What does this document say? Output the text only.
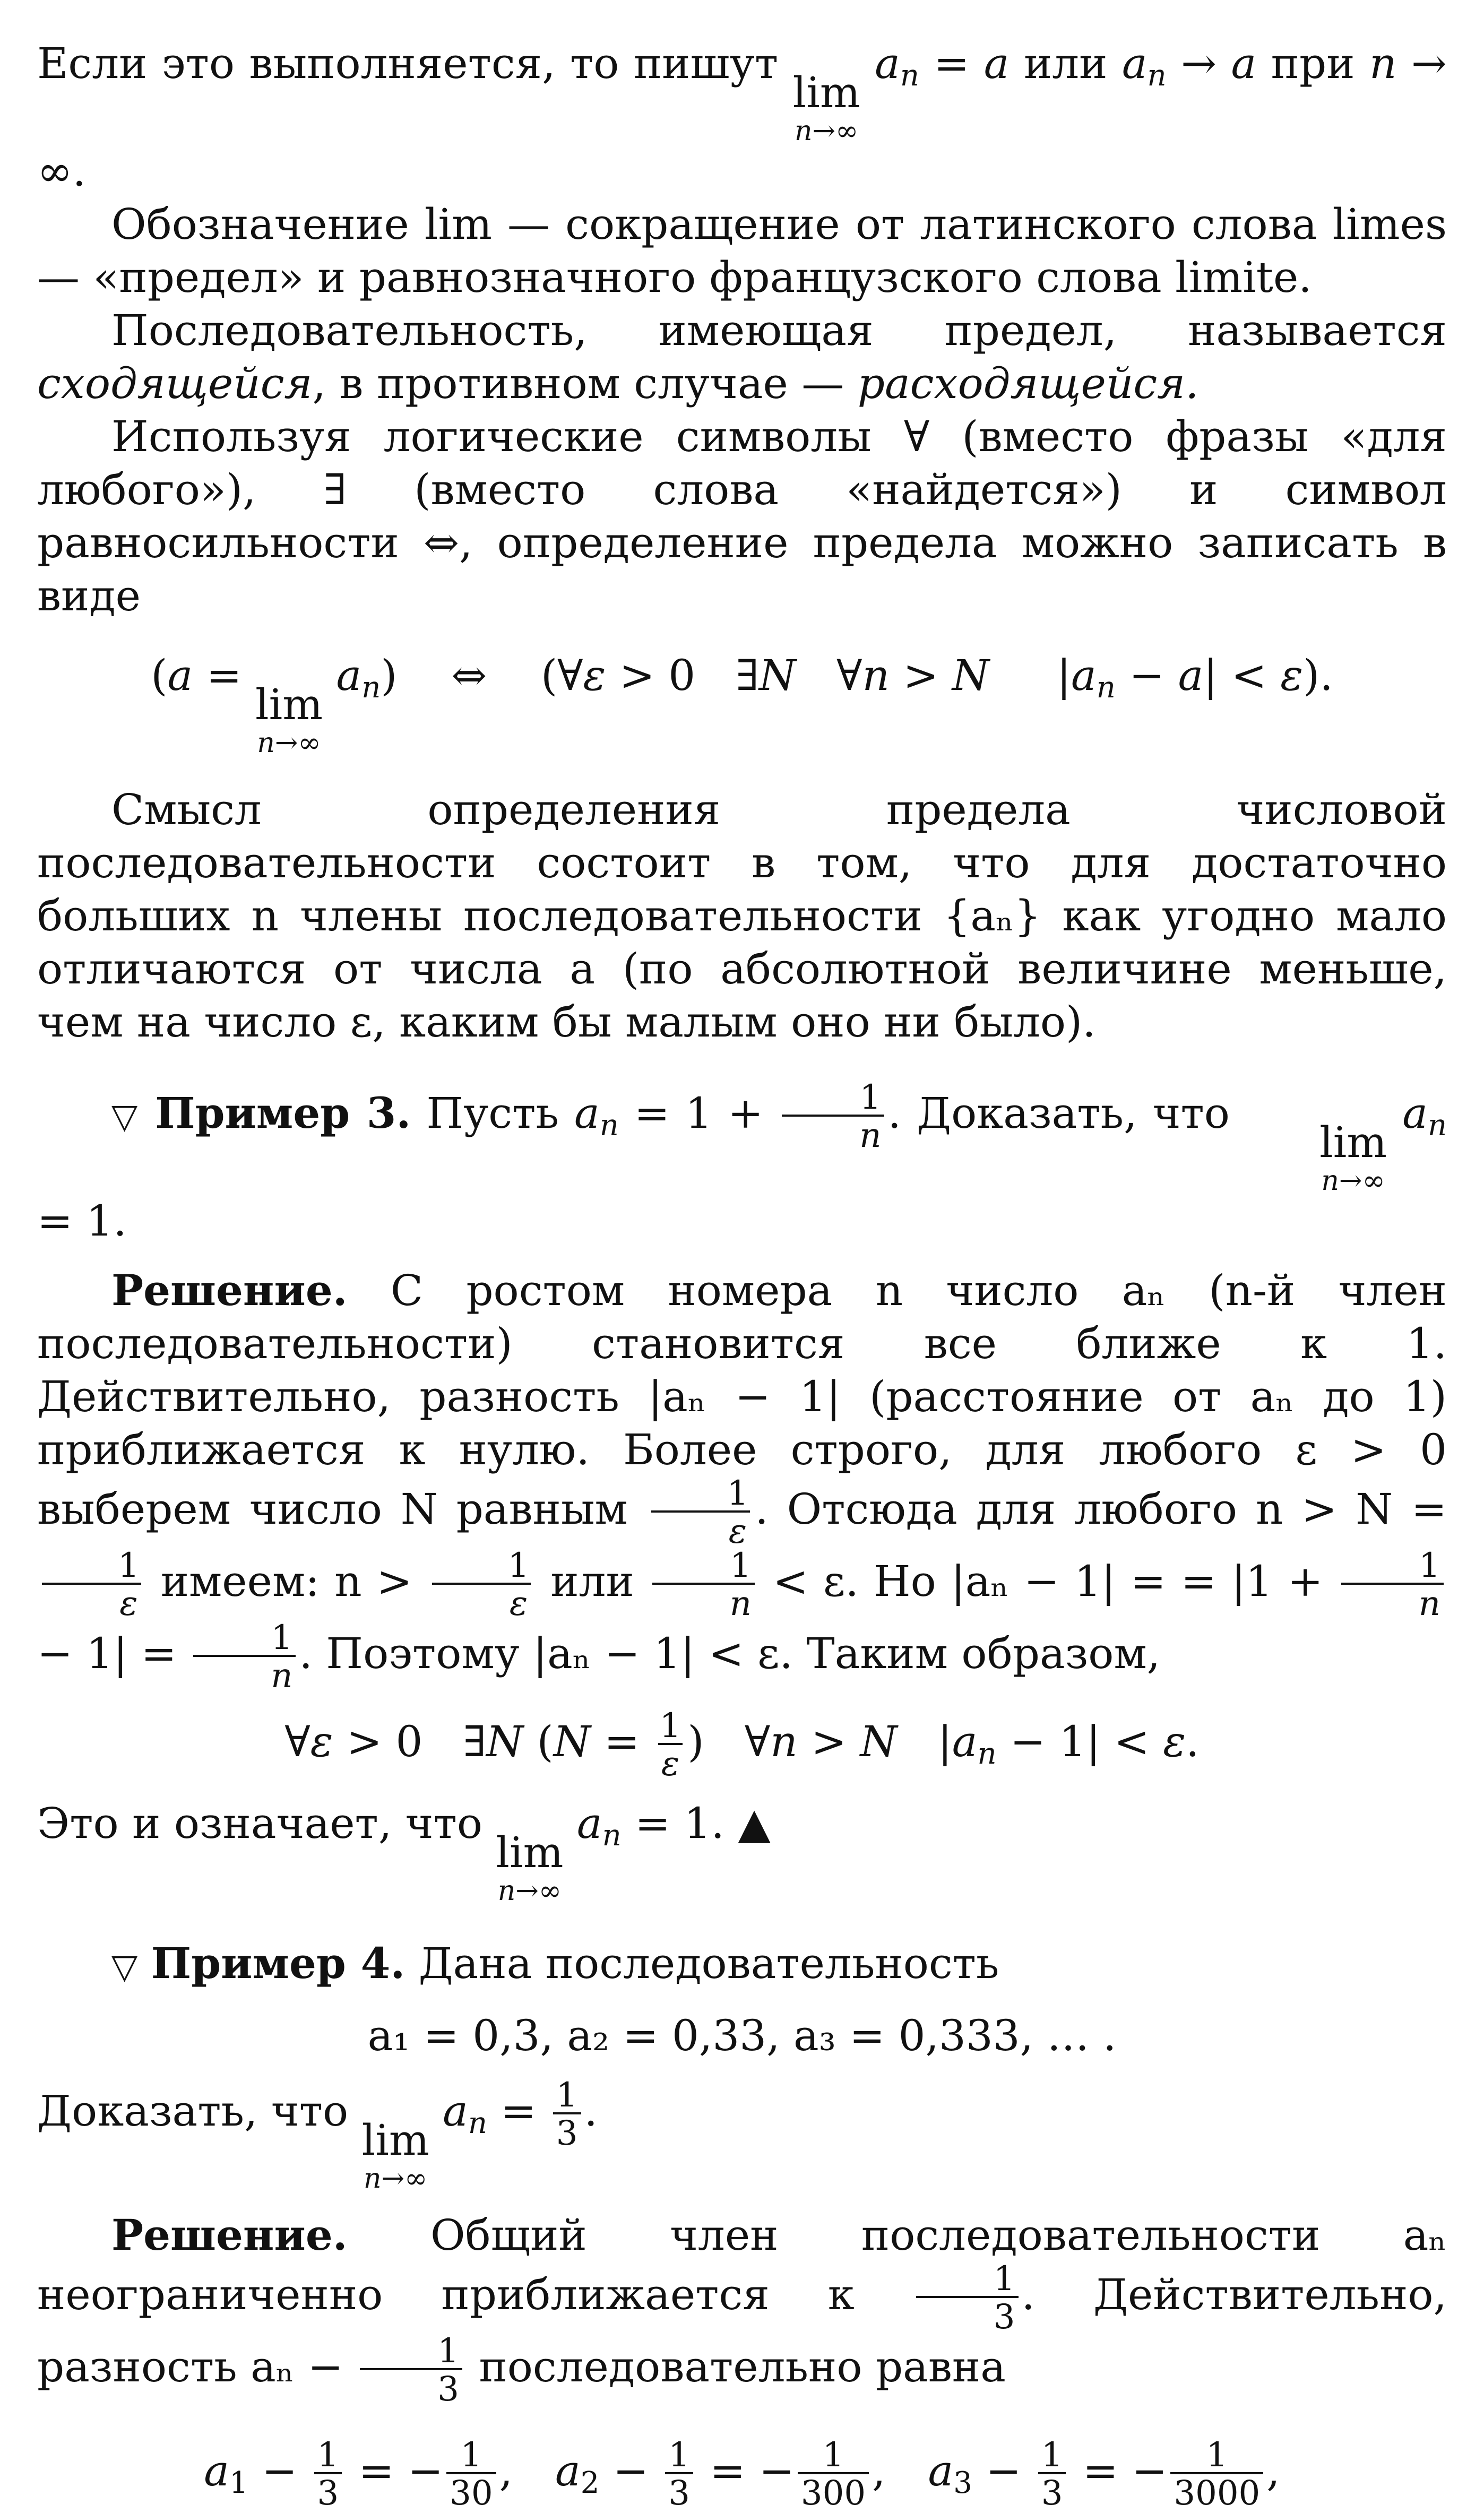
Если это выполняется, то пишут
lim
n→∞
$a_n = a$ или $a_n \to a$ при n → ∞.

Обозначение lim — сокращение от латинского слова limes — «предел» и равнозначного французского слова limite.

Последовательность, имеющая предел, называется сходящейся, в противном случае — расходящейся.

Используя логические символы ∀ (вместо фразы «для любого»), ∃ (вместо слова «найдется») и символ равносильности ⇔, определение предела можно записать в виде

(a =
lim
n→∞
$a_n$)    ⇔    (∀ε > 0   ∃N   ∀n > N     $|a_n - a| < \varepsilon$).

Смысл определения предела числовой последовательности состоит в том, что для достаточно больших n члены последовательности {aₙ} как угодно мало отличаются от числа a (по абсолютной величине меньше, чем на число ε, каким бы малым оно ни было).

▽ Пример 3. Пусть $a_n = 1 + \frac{1}{n}$ . Доказать, что
lim
n→∞
$a_n = 1$.

Решение. С ростом номера n число aₙ (n-й член последовательности) становится все ближе к 1. Действительно, разность |aₙ − 1| (расстояние от aₙ до 1) приближается к нулю. Более строго, для любого ε > 0 выберем число N равным $\frac{1}{\varepsilon}$ . Отсюда для любого n > N =
$\frac{1}{\varepsilon}$ имеем: $n > \frac{1}{\varepsilon}$ или $\frac{1}{n} < \varepsilon$. Но |aₙ − 1| = = $|1 + \frac{1}{n}$
− $1| = \frac{1}{n}$ . Поэтому |aₙ − 1| < ε. Таким образом,

∀ε > 0   ∃N ($N = \frac{1}{\varepsilon}$ )   ∀n > N   $|a_n - 1| < \varepsilon$.

Это и означает, что
lim
n→∞
$a_n = 1$. ▲

▽ Пример 4. Дана последовательность

a₁ = 0,3, a₂ = 0,33, a₃ = 0,333, … .

Доказать, что
lim
n→∞
$a_n = \frac{1}{3}$ .

Решение. Общий член последовательности aₙ неограниченно приближается к $\frac{1}{3}$ . Действительно, разность $a_n - \frac{1}{3}$ последовательно равна

$a_1 - \frac{1}{3}$ = − $\frac{1}{30}$ , $a_2 - \frac{1}{3}$ = − $\frac{1}{300}$ , $a_3 - \frac{1}{3}$ = − $\frac{1}{3000}$ ,
